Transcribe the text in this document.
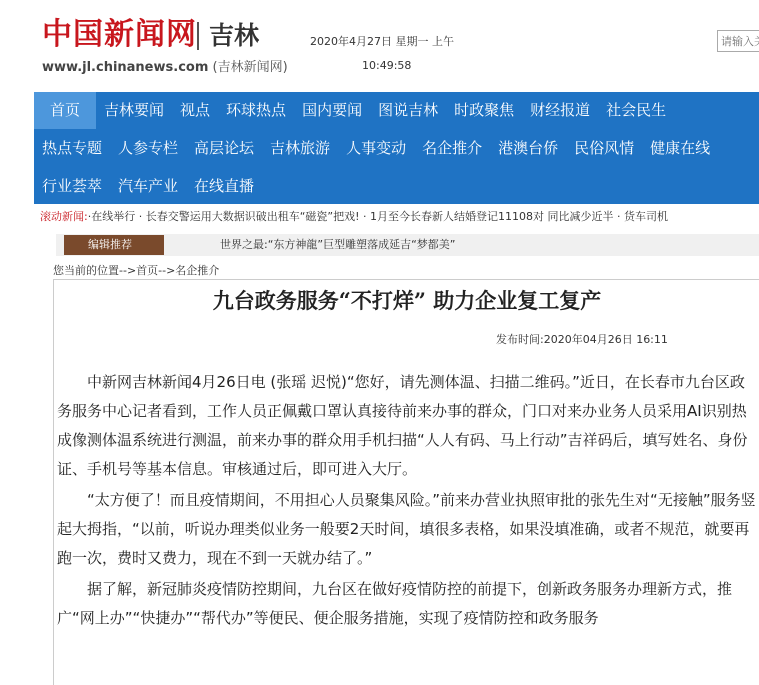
中国新闻网 吉林
www.jl.chinanews.com (吉林新闻网)
2020年4月27日 星期一 上午
10:49:58
请输入关键词
首页	吉林要闻	视点	环球热点	国内要闻	图说吉林	时政聚焦	财经报道	社会民生
热点专题	人参专栏	高层论坛	吉林旅游	人事变动	名企推介	港澳台侨	民俗风情	健康在线
行业荟萃	汽车产业	在线直播
滚动新闻:·在线举行 · 长春交警运用大数据识破出租车“磁瓷”把戏! · 1月至今长春新人结婚登记11108对 同比减少近半 · 货车司机
编辑推荐	世界之最:“东方神龍”巨型雕塑落成延吉“梦都美”
您当前的位置-->首页-->名企推介
九台政务服务“不打烊” 助力企业复工复产
发布时间:2020年04月26日 16:11

中新网吉林新闻4月26日电 (张瑶 迟悦)“您好，请先测体温、扫描二维码。”近日，在长春市九台区政务服务中心记者看到，工作人员正佩戴口罩认真接待前来办事的群众，门口对来办业务人员采用AI识别热成像测体温系统进行测温，前来办事的群众用手机扫描“人人有码、马上行动”吉祥码后，填写姓名、身份证、手机号等基本信息。审核通过后，即可进入大厅。

“太方便了！而且疫情期间，不用担心人员聚集风险。”前来办营业执照审批的张先生对“无接触”服务竖起大拇指，“以前，听说办理类似业务一般要2天时间，填很多表格，如果没填准确，或者不规范，就要再跑一次，费时又费力，现在不到一天就办结了。”

据了解，新冠肺炎疫情防控期间，九台区在做好疫情防控的前提下，创新政务服务办理新方式，推广“网上办”“快捷办”“帮代办”等便民、便企服务措施，实现了疫情防控和政务服务
